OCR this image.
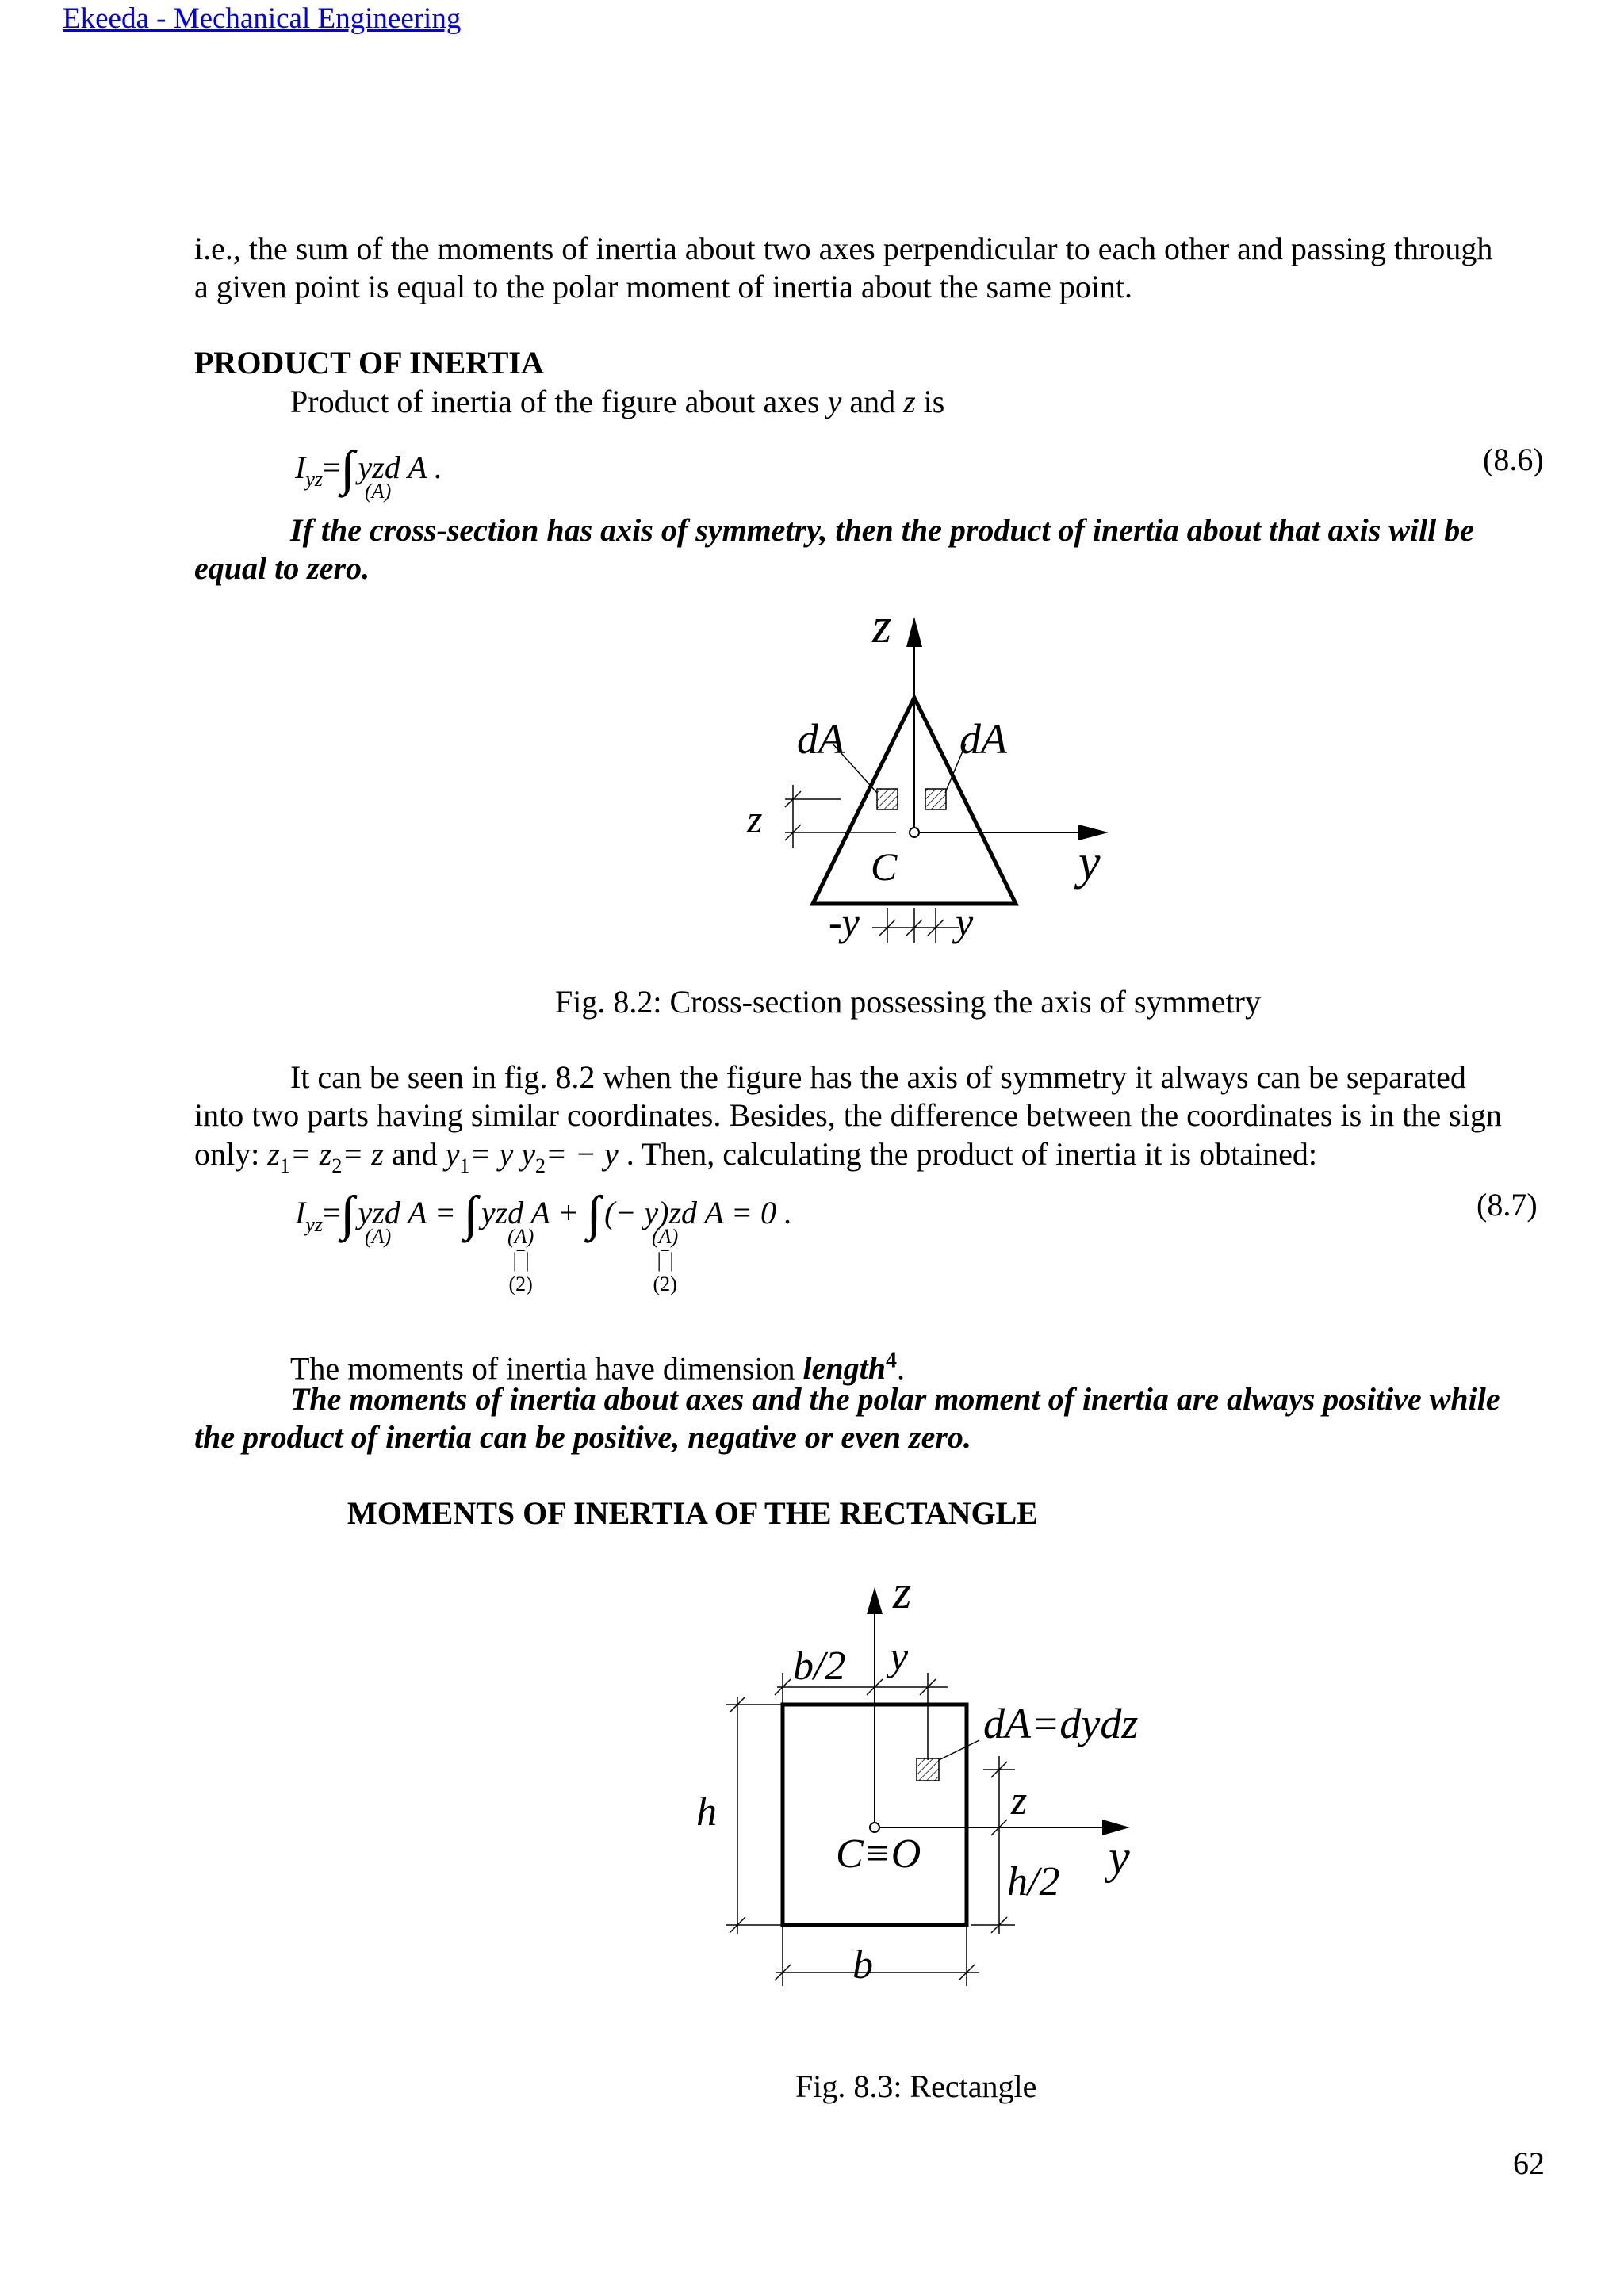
Ekeeda - Mechanical Engineering
i.e., the sum of the moments of inertia about two axes perpendicular to each other and passing through
a given point is equal to the polar moment of inertia about the same point.
PRODUCT OF INERTIA
Product of inertia of the figure about axes y and z is
$I_{yz}=\int\int$ yzd A .
(A)
(8.6)
If the cross-section has axis of symmetry, then the product of inertia about that axis will be
equal to zero.
z
y
dA	dA
z
C
-y y
Fig. 8.2: Cross-section possessing the axis of symmetry
It can be seen in fig. 8.2 when the figure has the axis of symmetry it always can be separated
into two parts having similar coordinates. Besides, the difference between the coordinates is in the sign
only: $z_1= z_2= z$ and $y_1= y$ $y_2= - y$ . Then, calculating the product of inertia it is obtained:
$I_{yz}=\int\int$ yzd A = ∫∫ yzd A + ∫∫ (− y)zd A = 0 .
(A)	(A)
|‾|
(2)
(A)
|‾|
(2)
(8.7)
The moments of inertia have dimension length$^4$.
The moments of inertia about axes and the polar moment of inertia are always positive while
the product of inertia can be positive, negative or even zero.
MOMENTS OF INERTIA OF THE RECTANGLE
z
y
b/2 y
dA=dydz
z
h
C≡O
h/2
b
Fig. 8.3: Rectangle
62
